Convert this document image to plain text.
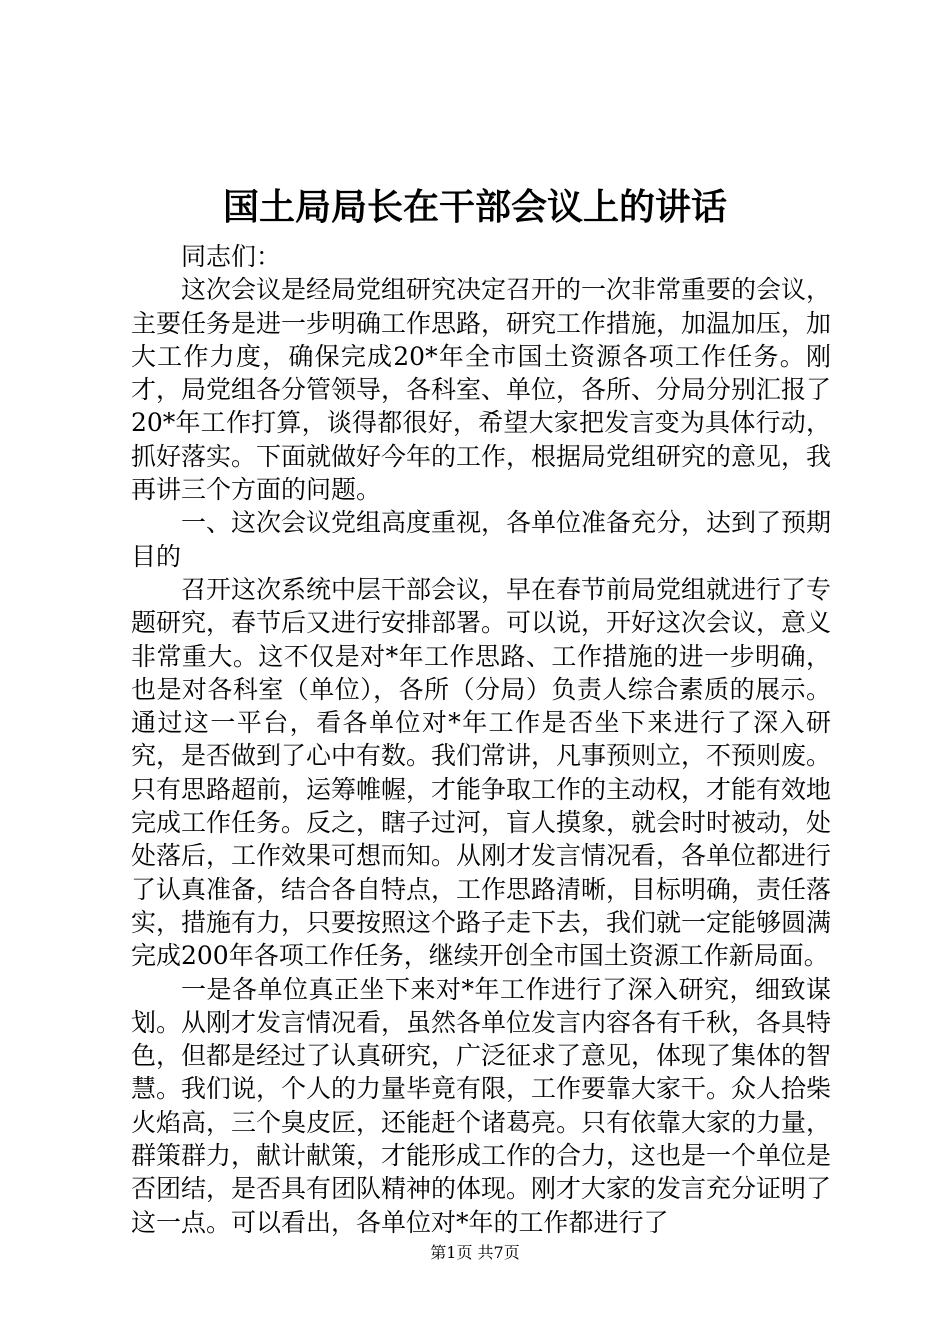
国土局局长在干部会议上的讲话

同志们：

这次会议是经局党组研究决定召开的一次非常重要的会议，主要任务是进一步明确工作思路，研究工作措施，加温加压，加大工作力度，确保完成20*年全市国土资源各项工作任务。刚才，局党组各分管领导，各科室、单位，各所、分局分别汇报了20*年工作打算，谈得都很好，希望大家把发言变为具体行动，抓好落实。下面就做好今年的工作，根据局党组研究的意见，我再讲三个方面的问题。

一、这次会议党组高度重视，各单位准备充分，达到了预期目的

召开这次系统中层干部会议，早在春节前局党组就进行了专题研究，春节后又进行安排部署。可以说，开好这次会议，意义非常重大。这不仅是对*年工作思路、工作措施的进一步明确，也是对各科室（单位），各所（分局）负责人综合素质的展示。通过这一平台，看各单位对*年工作是否坐下来进行了深入研究，是否做到了心中有数。我们常讲，凡事预则立，不预则废。只有思路超前，运筹帷幄，才能争取工作的主动权，才能有效地完成工作任务。反之，瞎子过河，盲人摸象，就会时时被动，处处落后，工作效果可想而知。从刚才发言情况看，各单位都进行了认真准备，结合各自特点，工作思路清晰，目标明确，责任落实，措施有力，只要按照这个路子走下去，我们就一定能够圆满完成200年各项工作任务，继续开创全市国土资源工作新局面。

一是各单位真正坐下来对*年工作进行了深入研究，细致谋划。从刚才发言情况看，虽然各单位发言内容各有千秋，各具特色，但都是经过了认真研究，广泛征求了意见，体现了集体的智慧。我们说，个人的力量毕竟有限，工作要靠大家干。众人拾柴火焰高，三个臭皮匠，还能赶个诸葛亮。只有依靠大家的力量，群策群力，献计献策，才能形成工作的合力，这也是一个单位是否团结，是否具有团队精神的体现。刚才大家的发言充分证明了这一点。可以看出，各单位对*年的工作都进行了

第1页 共7页
